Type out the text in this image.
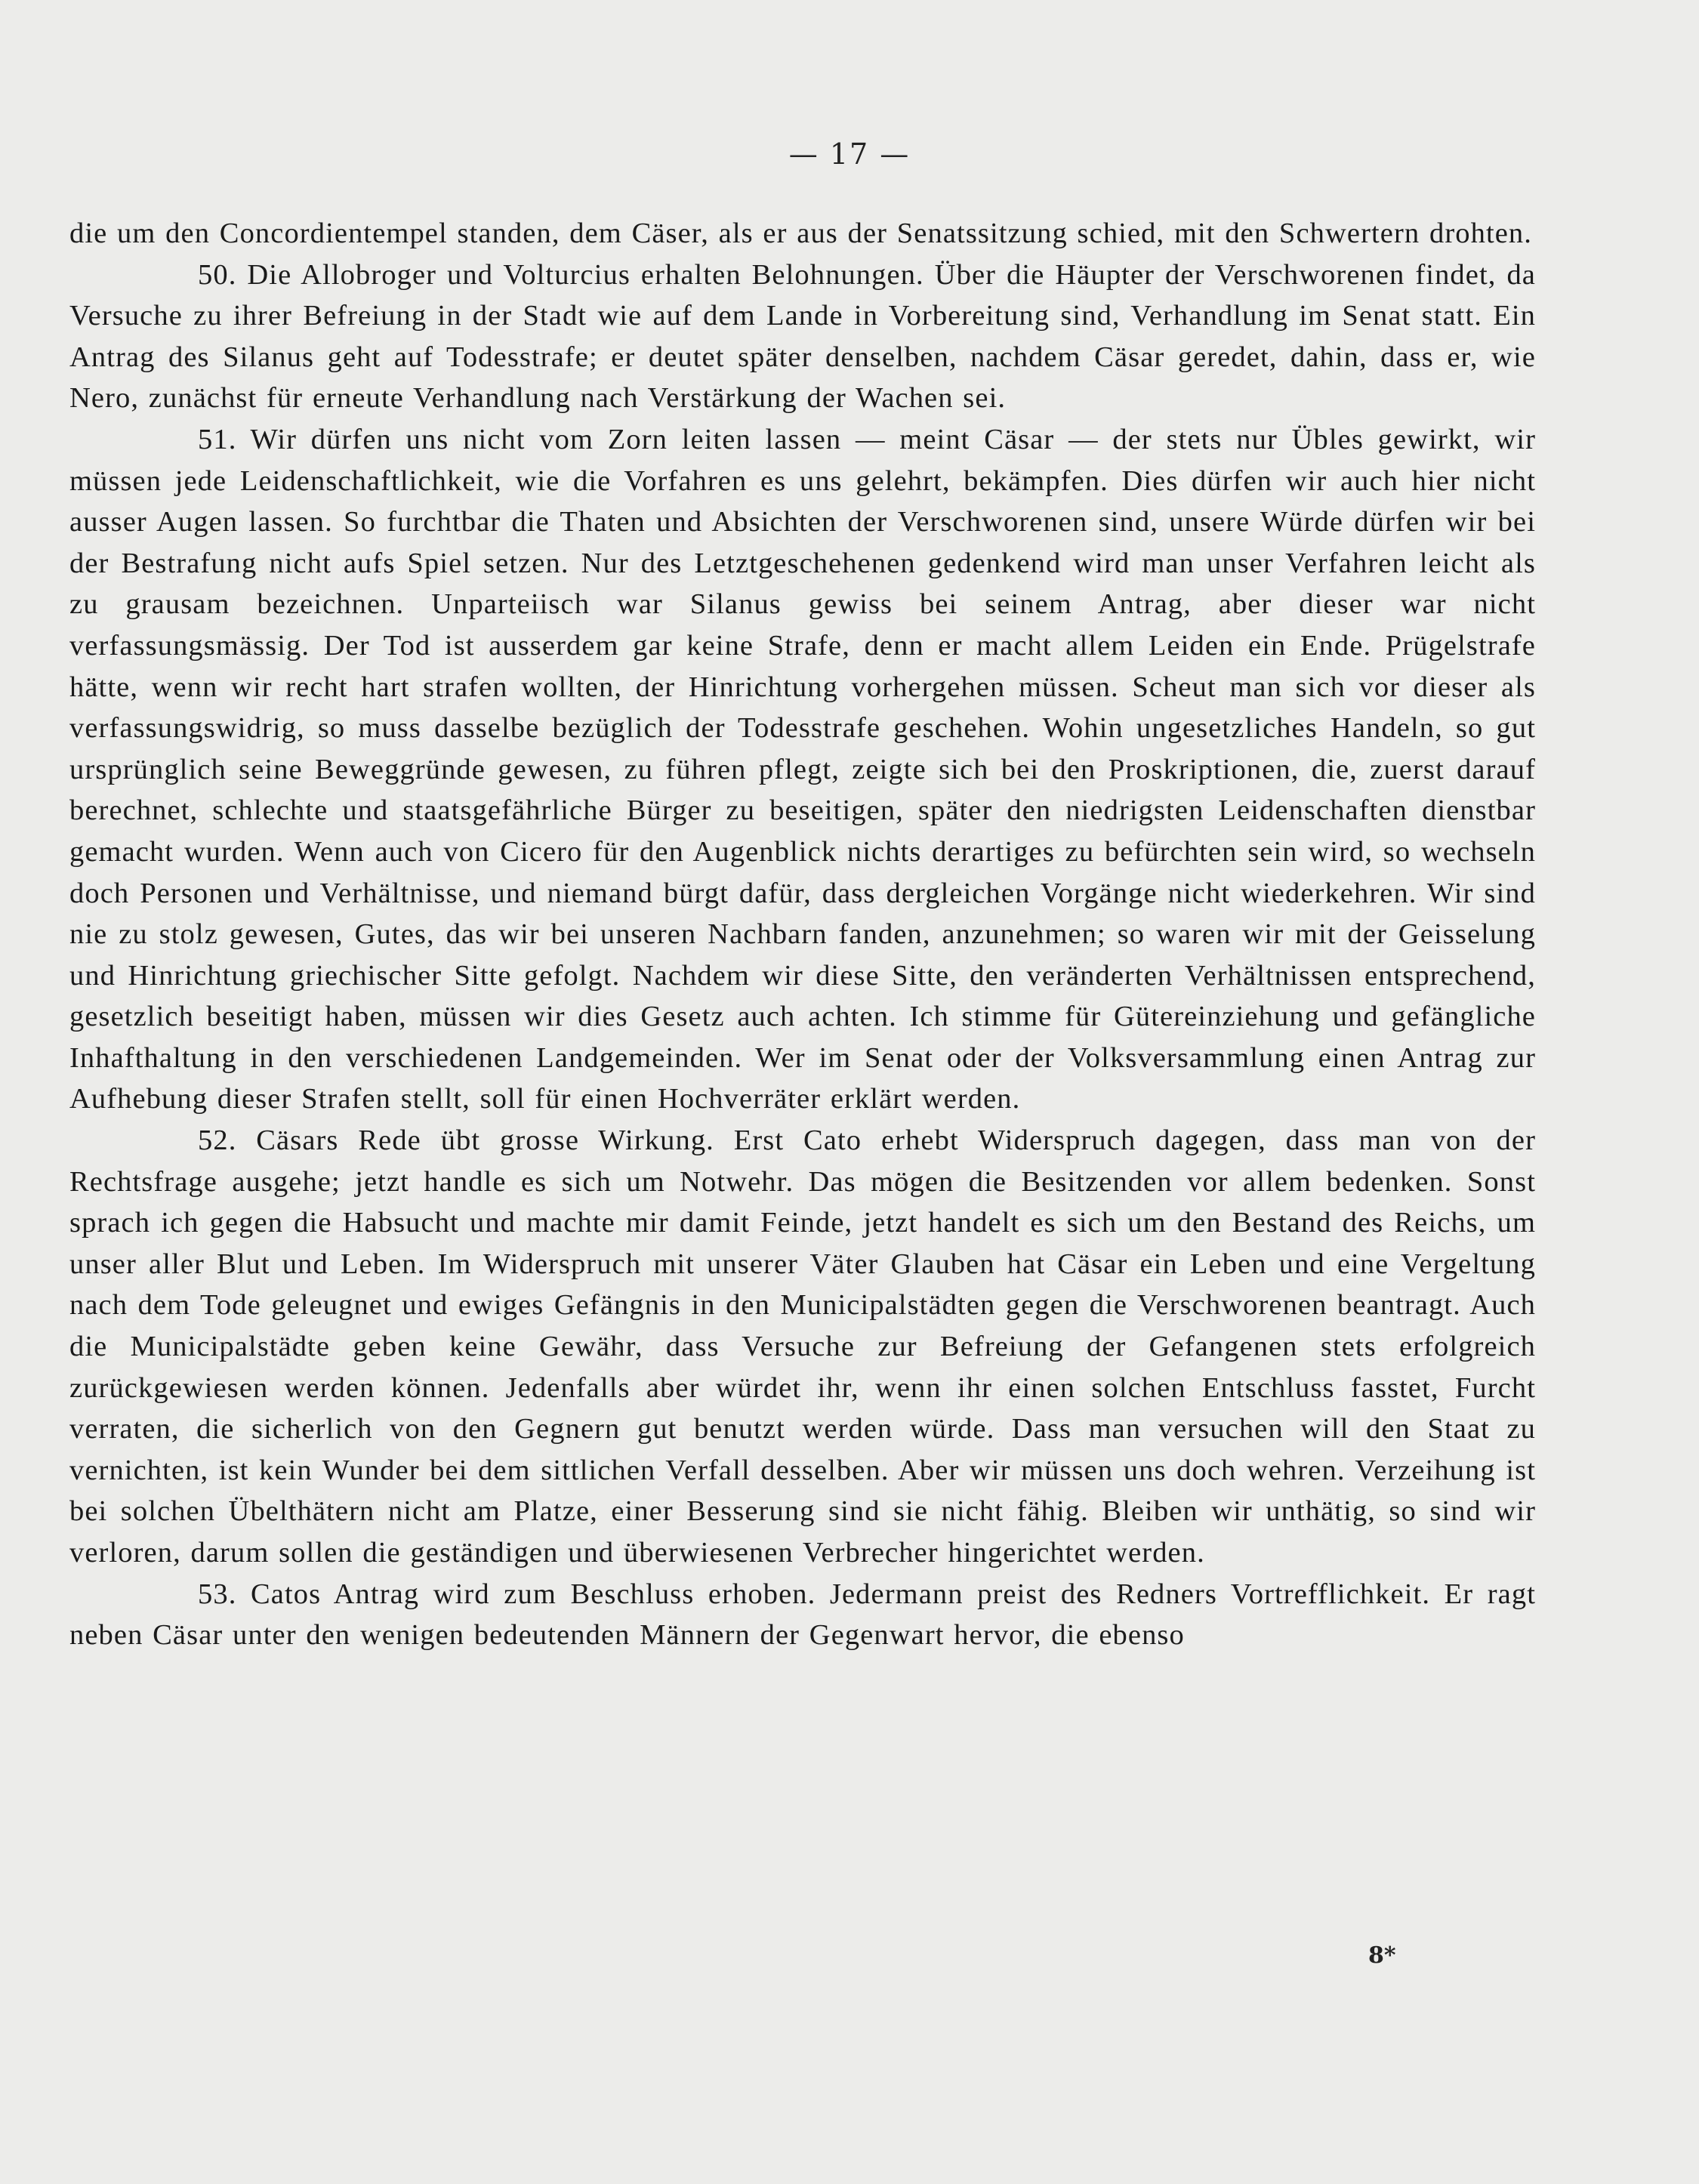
— 17 —

die um den Concordientempel standen, dem Cäser, als er aus der Senatssitzung schied, mit den Schwertern drohten.

50. Die Allobroger und Volturcius erhalten Belohnungen. Über die Häupter der Verschworenen findet, da Versuche zu ihrer Befreiung in der Stadt wie auf dem Lande in Vorbereitung sind, Verhandlung im Senat statt. Ein Antrag des Silanus geht auf Todesstrafe; er deutet später denselben, nachdem Cäsar geredet, dahin, dass er, wie Nero, zunächst für erneute Verhandlung nach Verstärkung der Wachen sei.

51. Wir dürfen uns nicht vom Zorn leiten lassen — meint Cäsar — der stets nur Übles gewirkt, wir müssen jede Leidenschaftlichkeit, wie die Vorfahren es uns gelehrt, bekämpfen. Dies dürfen wir auch hier nicht ausser Augen lassen. So furchtbar die Thaten und Absichten der Verschworenen sind, unsere Würde dürfen wir bei der Bestrafung nicht aufs Spiel setzen. Nur des Letztgeschehenen gedenkend wird man unser Verfahren leicht als zu grausam bezeichnen. Unparteiisch war Silanus gewiss bei seinem Antrag, aber dieser war nicht verfassungsmässig. Der Tod ist ausserdem gar keine Strafe, denn er macht allem Leiden ein Ende. Prügelstrafe hätte, wenn wir recht hart strafen wollten, der Hinrichtung vorhergehen müssen. Scheut man sich vor dieser als verfassungswidrig, so muss dasselbe bezüglich der Todesstrafe geschehen. Wohin ungesetzliches Handeln, so gut ursprünglich seine Beweggründe gewesen, zu führen pflegt, zeigte sich bei den Proskriptionen, die, zuerst darauf berechnet, schlechte und staatsgefährliche Bürger zu beseitigen, später den niedrigsten Leidenschaften dienstbar gemacht wurden. Wenn auch von Cicero für den Augenblick nichts derartiges zu befürchten sein wird, so wechseln doch Personen und Verhältnisse, und niemand bürgt dafür, dass dergleichen Vorgänge nicht wiederkehren. Wir sind nie zu stolz gewesen, Gutes, das wir bei unseren Nachbarn fanden, anzunehmen; so waren wir mit der Geisselung und Hinrichtung griechischer Sitte gefolgt. Nachdem wir diese Sitte, den veränderten Verhältnissen entsprechend, gesetzlich beseitigt haben, müssen wir dies Gesetz auch achten. Ich stimme für Gütereinziehung und gefängliche Inhafthaltung in den verschiedenen Landgemeinden. Wer im Senat oder der Volksversammlung einen Antrag zur Aufhebung dieser Strafen stellt, soll für einen Hochverräter erklärt werden.

52. Cäsars Rede übt grosse Wirkung. Erst Cato erhebt Widerspruch dagegen, dass man von der Rechtsfrage ausgehe; jetzt handle es sich um Notwehr. Das mögen die Besitzenden vor allem bedenken. Sonst sprach ich gegen die Habsucht und machte mir damit Feinde, jetzt handelt es sich um den Bestand des Reichs, um unser aller Blut und Leben. Im Widerspruch mit unserer Väter Glauben hat Cäsar ein Leben und eine Vergeltung nach dem Tode geleugnet und ewiges Gefängnis in den Municipalstädten gegen die Verschworenen beantragt. Auch die Municipalstädte geben keine Gewähr, dass Versuche zur Befreiung der Gefangenen stets erfolgreich zurückgewiesen werden können. Jedenfalls aber würdet ihr, wenn ihr einen solchen Entschluss fasstet, Furcht verraten, die sicherlich von den Gegnern gut benutzt werden würde. Dass man versuchen will den Staat zu vernichten, ist kein Wunder bei dem sittlichen Verfall desselben. Aber wir müssen uns doch wehren. Verzeihung ist bei solchen Übelthätern nicht am Platze, einer Besserung sind sie nicht fähig. Bleiben wir unthätig, so sind wir verloren, darum sollen die geständigen und überwiesenen Verbrecher hingerichtet werden.

53. Catos Antrag wird zum Beschluss erhoben. Jedermann preist des Redners Vortrefflichkeit. Er ragt neben Cäsar unter den wenigen bedeutenden Männern der Gegenwart hervor, die ebenso

8*
